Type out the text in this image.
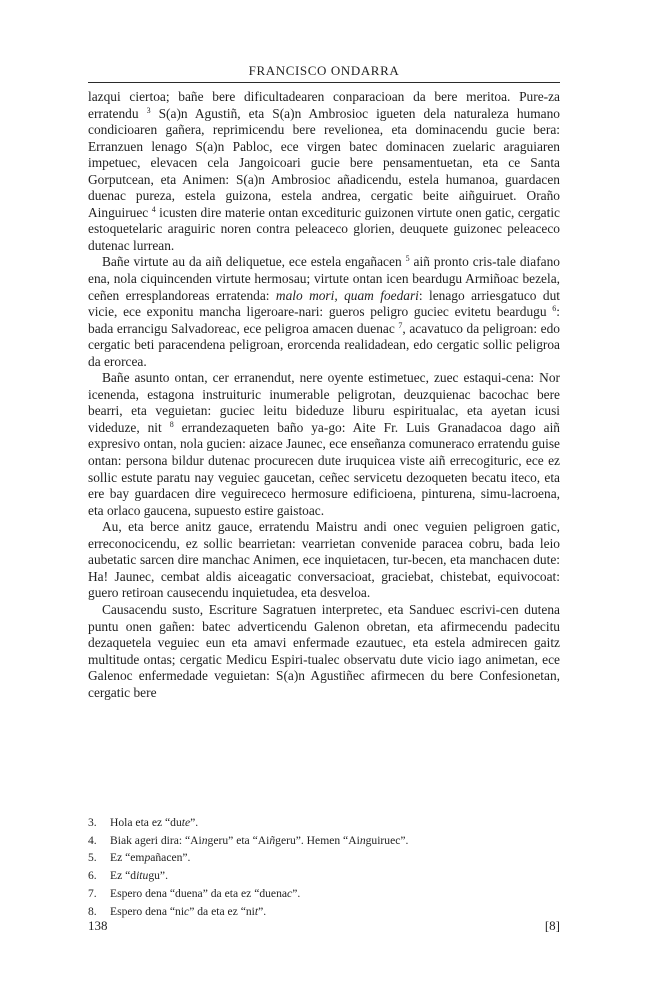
FRANCISCO ONDARRA

lazqui ciertoa; bañe bere dificultadearen conparacioan da bere meritoa. Pure-za erratendu $^3$ S(a)n Agustiñ, eta S(a)n Ambrosioc igueten dela naturaleza humano condicioaren gañera, reprimicendu bere revelionea, eta dominacendu gucie bera: Erranzuen lenago S(a)n Pabloc, ece virgen batec dominacen zuelaric araguiaren impetuec, elevacen cela Jangoicoari gucie bere pensamentuetan, eta ce Santa Gorputcean, eta Animen: S(a)n Ambrosioc añadicendu, estela humanoa, guardacen duenac pureza, estela guizona, estela andrea, cergatic beite aiñguiruet. Oraño Ainguiruec $^4$ icusten dire materie ontan excedituric guizonen virtute onen gatic, cergatic estoquetelaric araguiric noren contra peleaceco glorien, deuquete guizonec peleaceco dutenac lurrean.

Bañe virtute au da aiñ deliquetue, ece estela engañacen $^5$ aiñ pronto cris-tale diafano ena, nola ciquincenden virtute hermosau; virtute ontan icen beardugu Armiñoac bezela, ceñen erresplandoreas erratenda: malo mori, quam foedari: lenago arriesgatuco dut vicie, ece exponitu mancha ligeroare-nari: gueros peligro guciec evitetu beardugu $^6$: bada errancigu Salvadoreac, ece peligroa amacen duenac $^7$, acavatuco da peligroan: edo cergatic beti paracendena peligroan, erorcenda realidadean, edo cergatic sollic peligroa da erorcea.

Bañe asunto ontan, cer erranendut, nere oyente estimetuec, zuec estaqui-cena: Nor icenenda, estagona instruituric inumerable peligrotan, deuzquienac bacochac bere bearri, eta veguietan: guciec leitu bideduze liburu espiritualac, eta ayetan icusi videduze, nit $^8$ errandezaqueten baño ya-go: Aite Fr. Luis Granadacoa dago aiñ expresivo ontan, nola gucien: aizace Jaunec, ece enseñanza comuneraco erratendu guise ontan: persona bildur dutenac procurecen dute iruquicea viste aiñ errecogituric, ece ez sollic estute paratu nay veguiec gaucetan, ceñec servicetu dezoqueten becatu iteco, eta ere bay guardacen dire veguirececo hermosure edificioena, pinturena, simu-lacroena, eta orlaco gaucena, supuesto estire gaistoac.

Au, eta berce anitz gauce, erratendu Maistru andi onec veguien peligroen gatic, erreconocicendu, ez sollic bearrietan: vearrietan convenide paracea cobru, bada leio aubetatic sarcen dire manchac Animen, ece inquietacen, tur-becen, eta manchacen dute: Ha! Jaunec, cembat aldis aiceagatic conversacioat, graciebat, chistebat, equivocoat: guero retiroan causecendu inquietudea, eta desveloa.

Causacendu susto, Escriture Sagratuen interpretec, eta Sanduec escrivi-cen dutena puntu onen gañen: batec adverticendu Galenon obretan, eta afirmecendu padecitu dezaquetela veguiec eun eta amavi enfermade ezautuec, eta estela admirecen gaitz multitude ontas; cergatic Medicu Espiri-tualec observatu dute vicio iago animetan, ece Galenoc enfermedade veguietan: S(a)n Agustiñec afirmecen du bere Confesionetan, cergatic bere

3.	Hola eta ez “dute”.
4.	Biak ageri dira: “Aingeru” eta “Aiñgeru”. Hemen “Ainguiruec”.
5.	Ez “empañacen”.
6.	Ez “ditugu”.
7.	Espero dena “duena” da eta ez “duenac”.
8.	Espero dena “nic” da eta ez “nit”.
138	[8]
